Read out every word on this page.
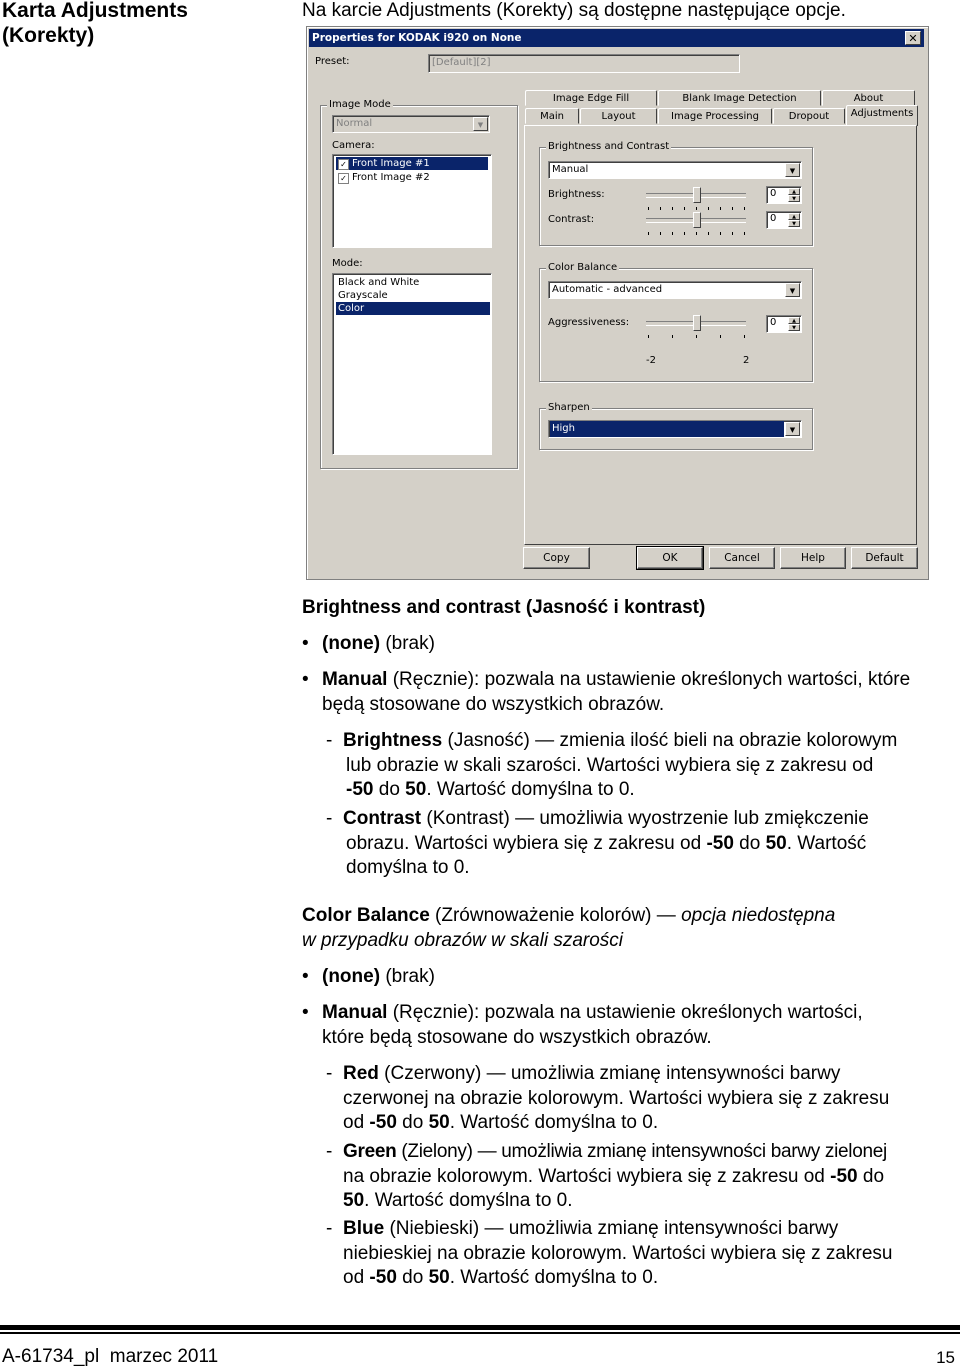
Karta Adjustments
(Korekty)
Na karcie Adjustments (Korekty) są dostępne następujące opcje.
Properties for KODAK i920 on None	✕
Preset:	[Default][2]
Image Mode
Normal	▼
Camera:
✓ Front Image #1
✓ Front Image #2
Mode:
Black and White
Grayscale
Color
Image Edge Fill	Blank Image Detection	About
Main	Layout	Image Processing	Dropout	Adjustments
Brightness and Contrast
Manual	▼
Brightness:	0	▲
▼
Contrast:	0	▲
▼
Color Balance
Automatic - advanced	▼
Aggressiveness:	0	▲
▼
-2	2
Sharpen
High	▼
Copy	OK	Cancel	Help	Default
Brightness and contrast (Jasność i kontrast)
• (none) (brak)
• Manual (Ręcznie): pozwala na ustawienie określonych wartości, które
będą stosowane do wszystkich obrazów.
- Brightness (Jasność) — zmienia ilość bieli na obrazie kolorowym
lub obrazie w skali szarości. Wartości wybiera się z zakresu od
-50 do 50. Wartość domyślna to 0.
- Contrast (Kontrast) — umożliwia wyostrzenie lub zmiękczenie
obrazu. Wartości wybiera się z zakresu od -50 do 50. Wartość
domyślna to 0.
Color Balance (Zrównoważenie kolorów) — opcja niedostępna
w przypadku obrazów w skali szarości
• (none) (brak)
• Manual (Ręcznie): pozwala na ustawienie określonych wartości,
które będą stosowane do wszystkich obrazów.
- Red (Czerwony) — umożliwia zmianę intensywności barwy
czerwonej na obrazie kolorowym. Wartości wybiera się z zakresu
od -50 do 50. Wartość domyślna to 0.
- Green (Zielony) — umożliwia zmianę intensywności barwy zielonej
na obrazie kolorowym. Wartości wybiera się z zakresu od -50 do
50. Wartość domyślna to 0.
- Blue (Niebieski) — umożliwia zmianę intensywności barwy
niebieskiej na obrazie kolorowym. Wartości wybiera się z zakresu
od -50 do 50. Wartość domyślna to 0.
A-61734_pl  marzec 2011	15
